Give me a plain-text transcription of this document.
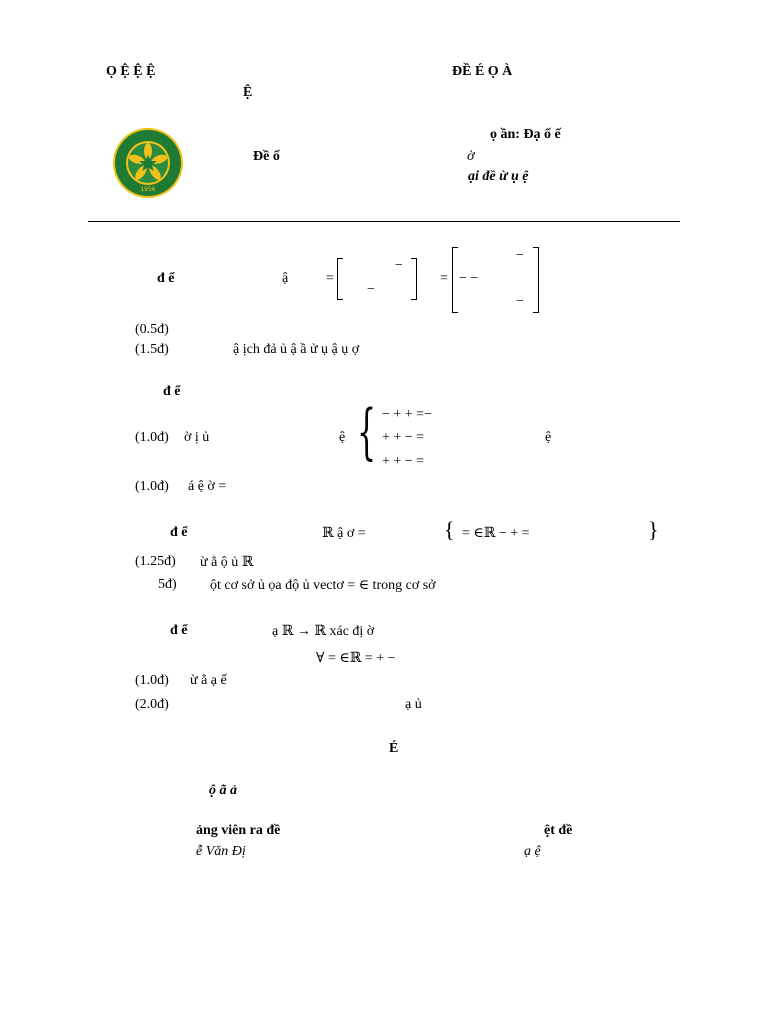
Ọ Ệ Ệ Ệ
Ệ
ĐỀ É Ọ À
1956
Đề ố
ọ ần: Đạ ố ế
ờ
ại đề ừ ụ ệ
đ ể	ậ	=
−
−
=
−
− −
−
(0.5đ)
(1.5đ)	ậ ịch đả ủ ậ ầ ử ụ ậ ụ ợ
đ ể
(1.0đ) ờ ị ủ	ệ { − + + =−
+ + − =
+ + − =
ệ
(1.0đ) á ệ ờ =
đ ể	ℝ ậ ơ =	{ = ∈ℝ − + =	}
(1.25đ) ừ ằ ộ ủ ℝ
5đ) ột cơ sở ủ ọa độ ủ vectơ = ∈ trong cơ sở
đ ể	ạ ℝ → ℝ xác đị ờ
∀ = ∈ℝ = + −
(1.0đ) ừ ằ ạ ế
(2.0đ)	ạ ủ
É
ộ ã ả
ảng viên ra đề
ễ Văn Đị
ệt đề
ạ ệ
